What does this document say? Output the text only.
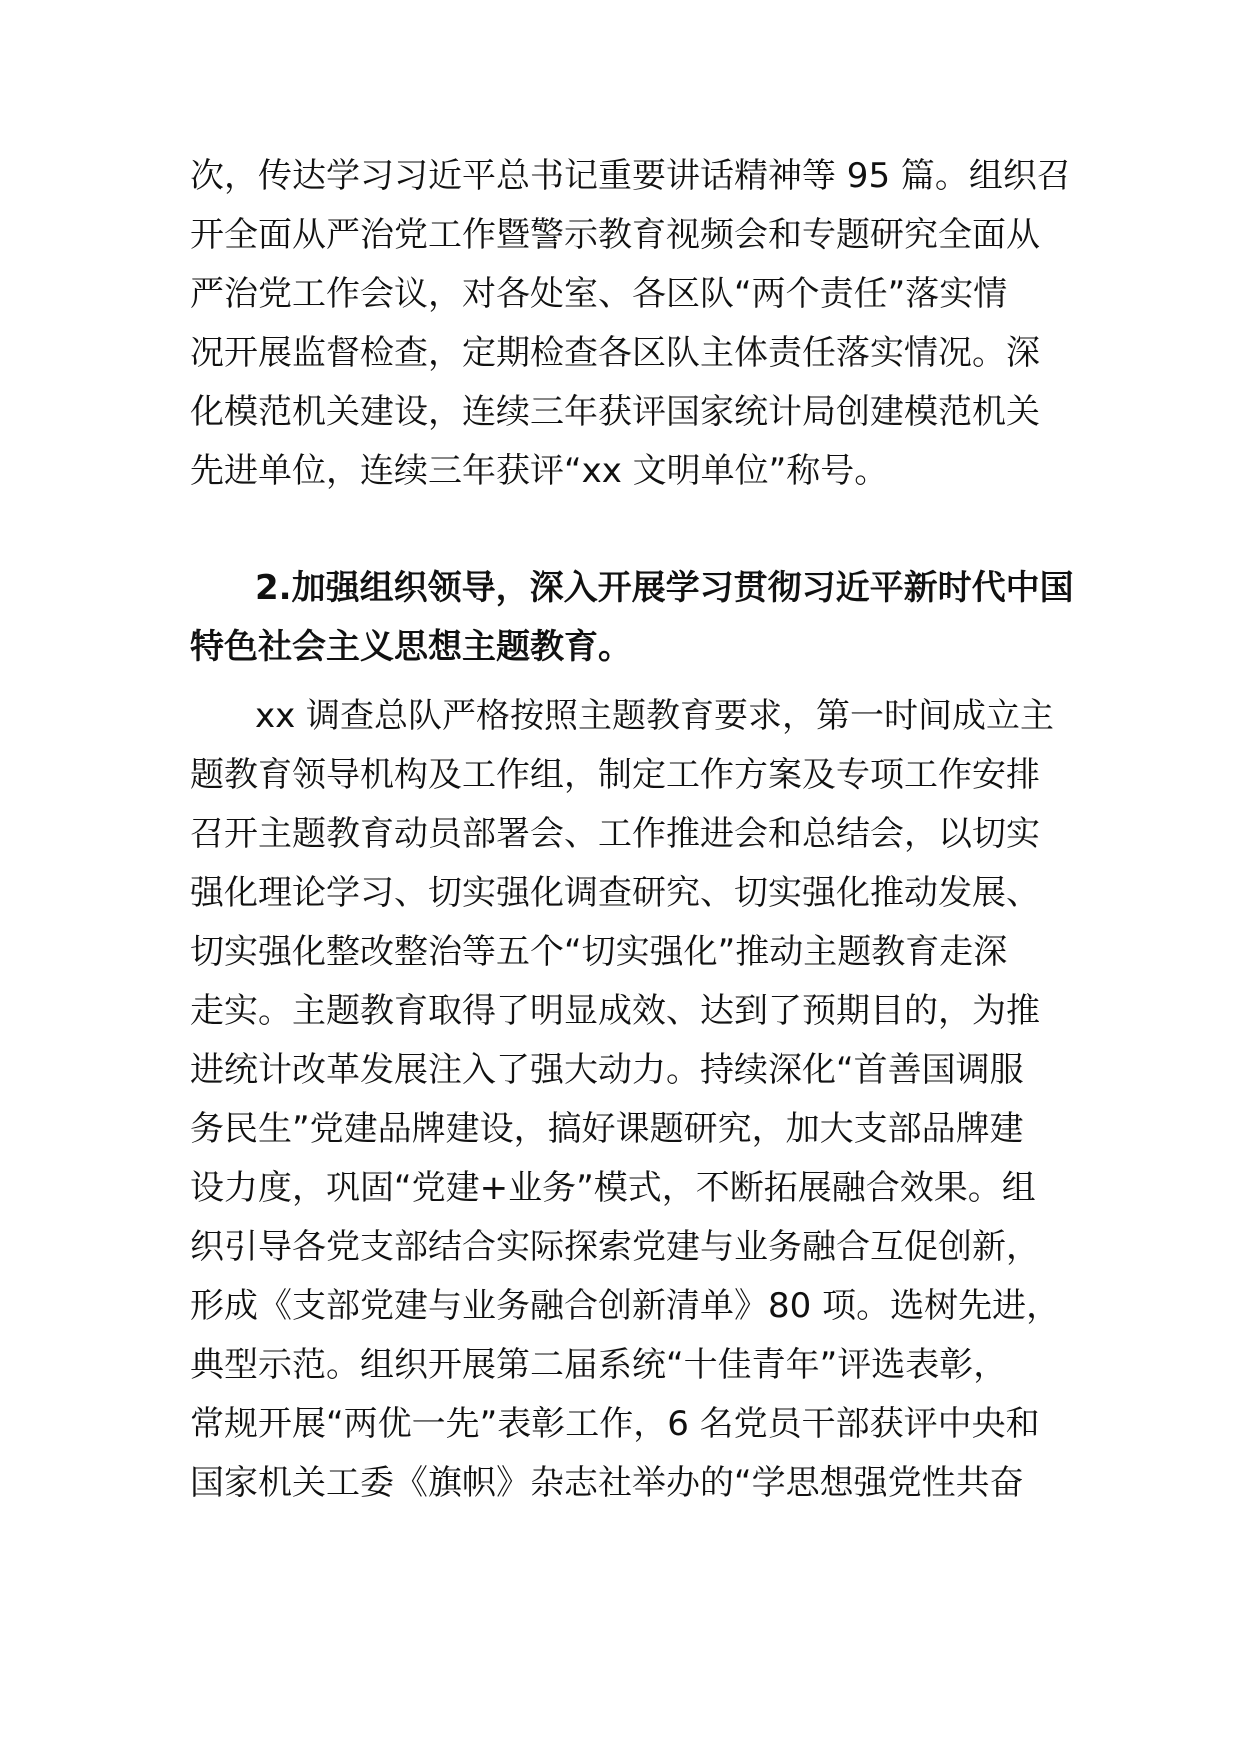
次，传达学习习近平总书记重要讲话精神等 95 篇。组织召
开全面从严治党工作暨警示教育视频会和专题研究全面从
严治党工作会议，对各处室、各区队“两个责任”落实情
况开展监督检查，定期检查各区队主体责任落实情况。深
化模范机关建设，连续三年获评国家统计局创建模范机关
先进单位，连续三年获评“xx 文明单位”称号。
2.加强组织领导，深入开展学习贯彻习近平新时代中国
特色社会主义思想主题教育。
xx 调查总队严格按照主题教育要求，第一时间成立主
题教育领导机构及工作组，制定工作方案及专项工作安排
召开主题教育动员部署会、工作推进会和总结会，以切实
强化理论学习、切实强化调查研究、切实强化推动发展、
切实强化整改整治等五个“切实强化”推动主题教育走深
走实。主题教育取得了明显成效、达到了预期目的，为推
进统计改革发展注入了强大动力。持续深化“首善国调服
务民生”党建品牌建设，搞好课题研究，加大支部品牌建
设力度，巩固“党建+业务”模式，不断拓展融合效果。组
织引导各党支部结合实际探索党建与业务融合互促创新，
形成《支部党建与业务融合创新清单》80 项。选树先进，
典型示范。组织开展第二届系统“十佳青年”评选表彰，
常规开展“两优一先”表彰工作，6 名党员干部获评中央和
国家机关工委《旗帜》杂志社举办的“学思想强党性共奋
